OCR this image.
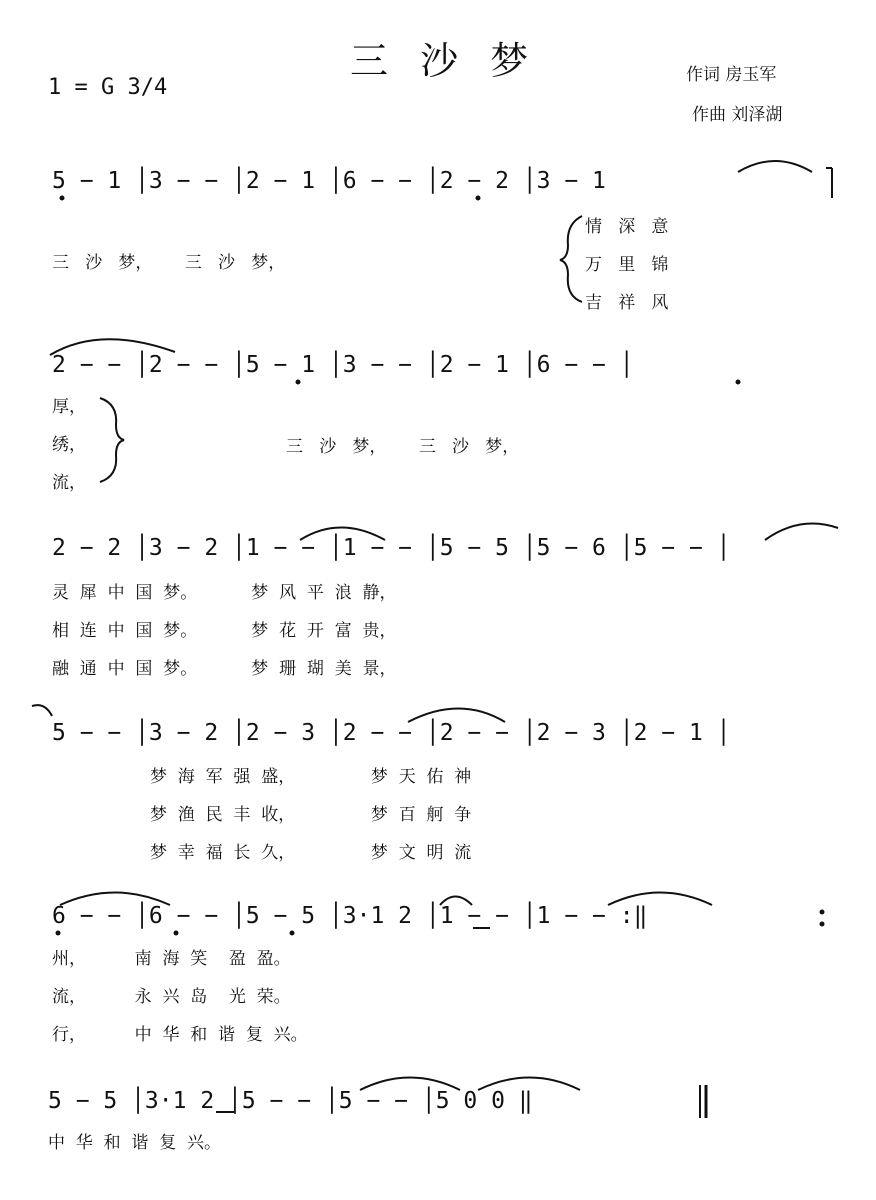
三 沙 梦
1 = G 3/4	作词 房玉军
作曲 刘泽湖
5 − 1 │3 − − │2 − 1 │6 − − │2 − 2 │3 − 1
三   沙   梦，      三   沙   梦，
情   深   意
万   里   锦
吉   祥   风
2 − − │2 − − │5 − 1 │3 − − │2 − 1 │6 − − │
厚，
绣，
流，
三   沙   梦，      三   沙   梦，
2 − 2 │3 − 2 │1 − − │1 − − │5 − 5 │5 − 6 │5 − − │
灵  犀  中  国  梦。          梦  风  平  浪  静，
相  连  中  国  梦。          梦  花  开  富  贵，
融  通  中  国  梦。          梦  珊  瑚  美  景，
5 − − │3 − 2 │2 − 3 │2 − − │2 − − │2 − 3 │2 − 1 │
梦  海  军  强  盛，              梦  天  佑  神
梦  渔  民  丰  收，              梦  百  舸  争
梦  幸  福  长  久，              梦  文  明  流
6 − − │6 − − │5 − 5 │3·1 2 │1 − − │1 − − :‖
州，         南  海  笑    盈  盈。
流，         永  兴  岛    光  荣。
行，         中  华  和  谐  复  兴。
5 − 5 │3·1 2 │5 − − │5 − − │5 0 0 ‖
中  华  和  谐  复  兴。
